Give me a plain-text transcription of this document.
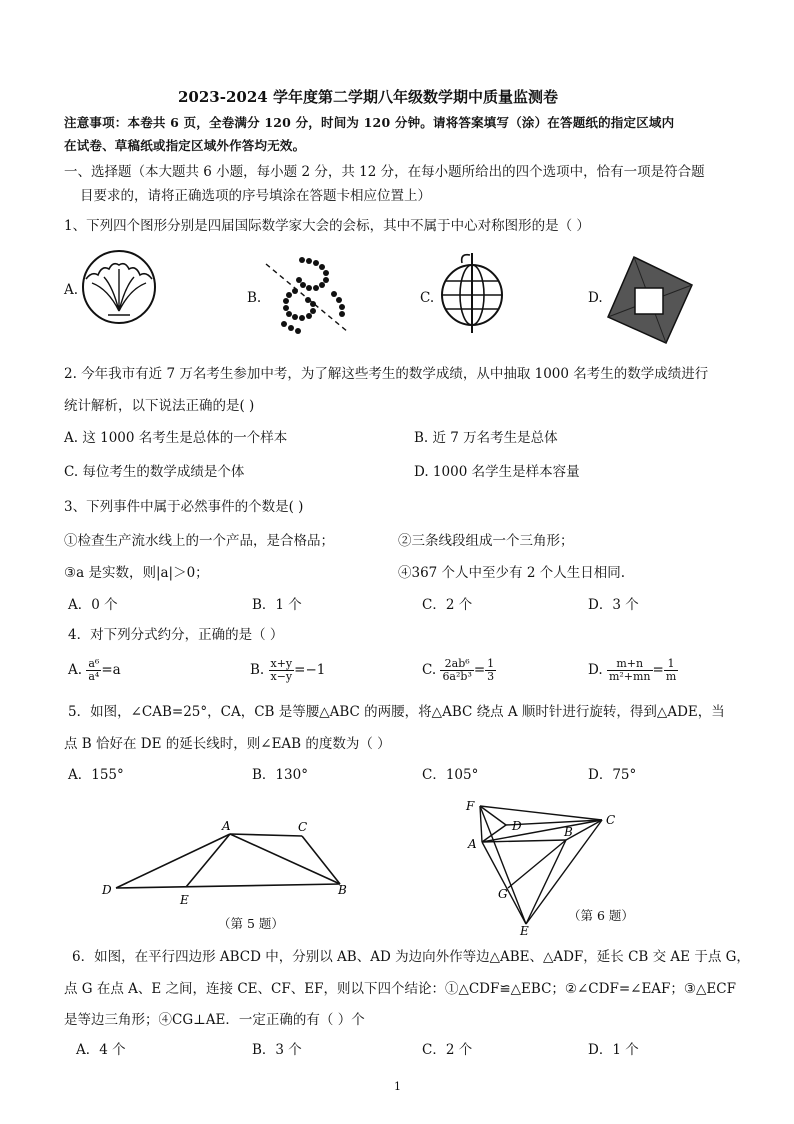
2023-2024 学年度第二学期八年级数学期中质量监测卷
注意事项：本卷共 6 页，全卷满分 120 分，时间为 120 分钟。请将答案填写（涂）在答题纸的指定区域内
在试卷、草稿纸或指定区域外作答均无效。
一、选择题（本大题共 6 小题，每小题 2 分，共 12 分，在每小题所给出的四个选项中，恰有一项是符合题
目要求的，请将正确选项的序号填涂在答题卡相应位置上）
1、下列四个图形分别是四届国际数学家大会的会标，其中不属于中心对称图形的是（ ）
A.	B.	C.	D.
2. 今年我市有近 7 万名考生参加中考，为了解这些考生的数学成绩，从中抽取 1000 名考生的数学成绩进行
统计解析，以下说法正确的是( )
A. 这 1000 名考生是总体的一个样本	B. 近 7 万名考生是总体
C. 每位考生的数学成绩是个体	D. 1000 名学生是样本容量
3、下列事件中属于必然事件的个数是( )
①检查生产流水线上的一个产品，是合格品；	②三条线段组成一个三角形；
③a 是实数，则|a|＞0；	④367 个人中至少有 2 个人生日相同.
A．0 个	B．1 个	C．2 个	D．3 个
4．对下列分式约分，正确的是（ ）
A. $\frac{\text{a⁶}}{\text{a⁴}} =a$	B. $\frac{x+y}{x-y} =-1$	C. $\frac{\text{2ab⁶}}{\text{6a²b³}} = \frac{1}{3}$	D. $\frac{m+n}{\text{m²+mn}} = \frac{1}{m}$
5．如图，∠CAB=25°，CA，CB 是等腰△ABC 的两腰，将△ABC 绕点 A 顺时针进行旋转，得到△ADE，当
点 B 恰好在 DE 的延长线时，则∠EAB 的度数为（ ）
A．155°	B．130°	C．105°	D．75°
A	C
D
E
B
（第 5 题）
F
D	C
A
B
G
E
（第 6 题）
6．如图，在平行四边形 ABCD 中，分别以 AB、AD 为边向外作等边△ABE、△ADF，延长 CB 交 AE 于点 G，
点 G 在点 A、E 之间，连接 CE、CF、EF，则以下四个结论：①△CDF≌△EBC；②∠CDF=∠EAF；③△ECF
是等边三角形；④CG⊥AE．一定正确的有（ ）个
A．4 个	B．3 个	C．2 个	D．1 个
1
